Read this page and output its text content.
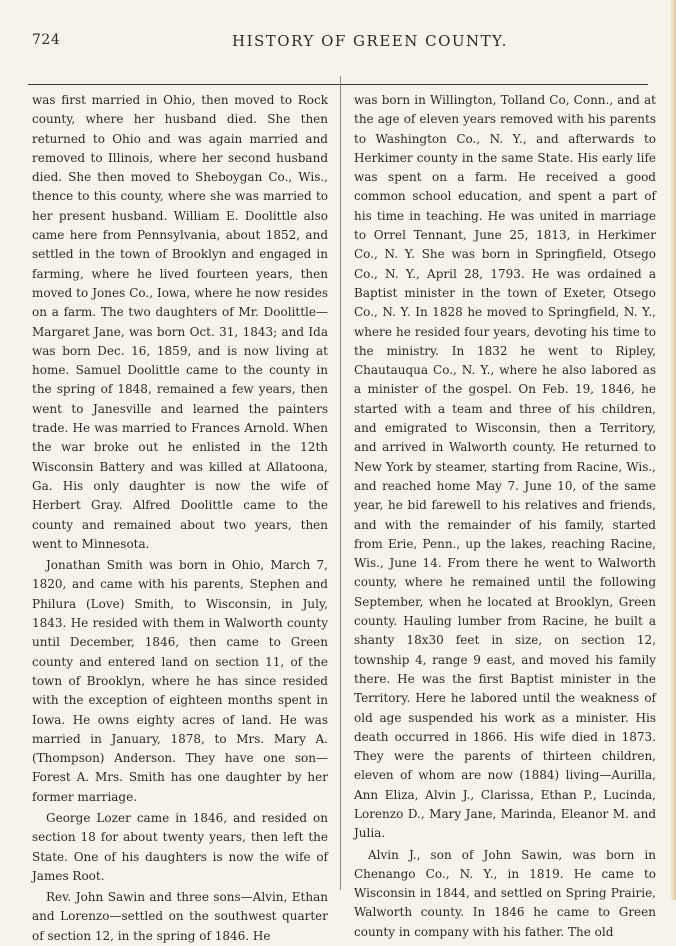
724	HISTORY OF GREEN COUNTY.

was first married in Ohio, then moved to Rock county, where her husband died. She then returned to Ohio and was again married and removed to Illinois, where her second husband died. She then moved to Sheboygan Co., Wis., thence to this county, where she was married to her present husband. William E. Doolittle also came here from Pennsylvania, about 1852, and settled in the town of Brooklyn and engaged in farming, where he lived fourteen years, then moved to Jones Co., Iowa, where he now resides on a farm. The two daughters of Mr. Doolittle—Margaret Jane, was born Oct. 31, 1843; and Ida was born Dec. 16, 1859, and is now living at home. Samuel Doolittle came to the county in the spring of 1848, remained a few years, then went to Janesville and learned the painters trade. He was married to Frances Arnold. When the war broke out he enlisted in the 12th Wisconsin Battery and was killed at Allatoona, Ga. His only daughter is now the wife of Herbert Gray. Alfred Doolittle came to the county and remained about two years, then went to Minnesota.

Jonathan Smith was born in Ohio, March 7, 1820, and came with his parents, Stephen and Philura (Love) Smith, to Wisconsin, in July, 1843. He resided with them in Walworth county until December, 1846, then came to Green county and entered land on section 11, of the town of Brooklyn, where he has since resided with the exception of eighteen months spent in Iowa. He owns eighty acres of land. He was married in January, 1878, to Mrs. Mary A. (Thompson) Anderson. They have one son—Forest A. Mrs. Smith has one daughter by her former marriage.

George Lozer came in 1846, and resided on section 18 for about twenty years, then left the State. One of his daughters is now the wife of James Root.

Rev. John Sawin and three sons—Alvin, Ethan and Lorenzo—settled on the southwest quarter of section 12, in the spring of 1846. He

was born in Willington, Tolland Co, Conn., and at the age of eleven years removed with his parents to Washington Co., N. Y., and afterwards to Herkimer county in the same State. His early life was spent on a farm. He received a good common school education, and spent a part of his time in teaching. He was united in marriage to Orrel Tennant, June 25, 1813, in Herkimer Co., N. Y. She was born in Springfield, Otsego Co., N. Y., April 28, 1793. He was ordained a Baptist minister in the town of Exeter, Otsego Co., N. Y. In 1828 he moved to Springfield, N. Y., where he resided four years, devoting his time to the ministry. In 1832 he went to Ripley, Chautauqua Co., N. Y., where he also labored as a minister of the gospel. On Feb. 19, 1846, he started with a team and three of his children, and emigrated to Wisconsin, then a Territory, and arrived in Walworth county. He returned to New York by steamer, starting from Racine, Wis., and reached home May 7. June 10, of the same year, he bid farewell to his relatives and friends, and with the remainder of his family, started from Erie, Penn., up the lakes, reaching Racine, Wis., June 14. From there he went to Walworth county, where he remained until the following September, when he located at Brooklyn, Green county. Hauling lumber from Racine, he built a shanty 18x30 feet in size, on section 12, township 4, range 9 east, and moved his family there. He was the first Baptist minister in the Territory. Here he labored until the weakness of old age suspended his work as a minister. His death occurred in 1866. His wife died in 1873. They were the parents of thirteen children, eleven of whom are now (1884) living—Aurilla, Ann Eliza, Alvin J., Clarissa, Ethan P., Lucinda, Lorenzo D., Mary Jane, Marinda, Eleanor M. and Julia.

Alvin J., son of John Sawin, was born in Chenango Co., N. Y., in 1819. He came to Wisconsin in 1844, and settled on Spring Prairie, Walworth county. In 1846 he came to Green county in company with his father. The old
